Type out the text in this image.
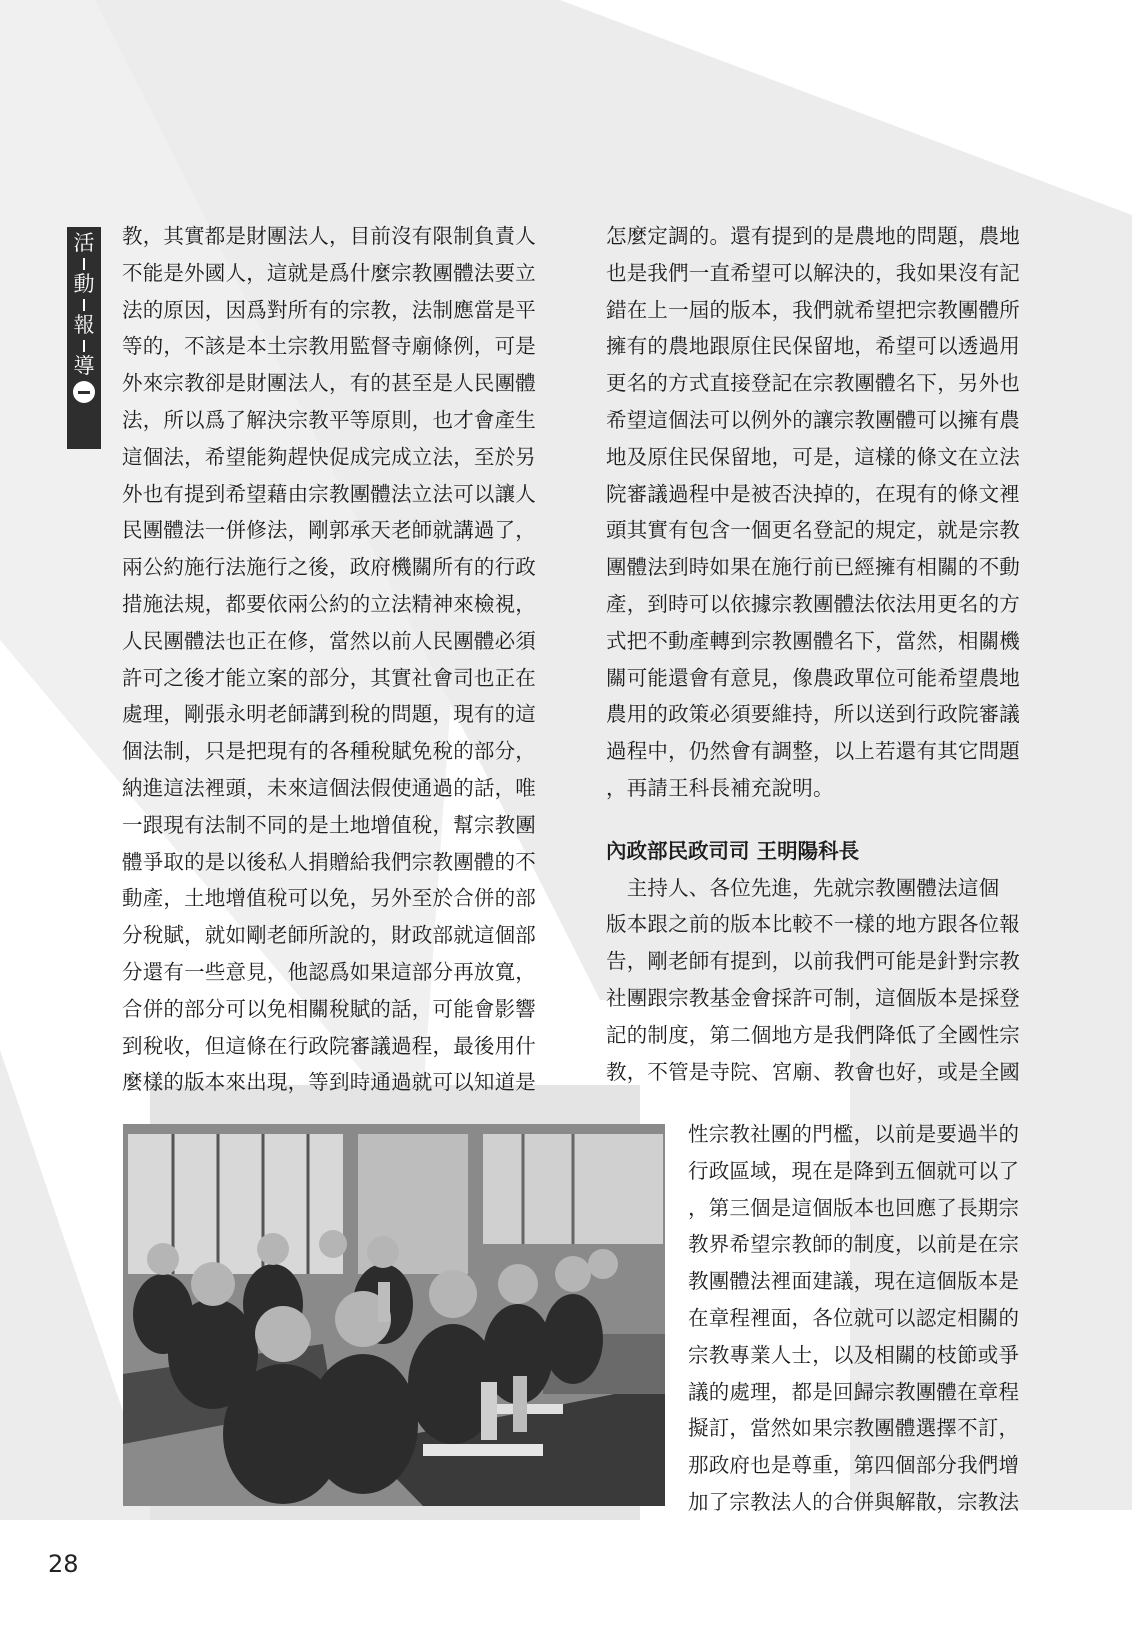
活
動
報
導
教，其實都是財團法人，目前沒有限制負責人
不能是外國人，這就是爲什麼宗教團體法要立
法的原因，因爲對所有的宗教，法制應當是平
等的，不該是本土宗教用監督寺廟條例，可是
外來宗教卻是財團法人，有的甚至是人民團體
法，所以爲了解決宗教平等原則，也才會產生
這個法，希望能夠趕快促成完成立法，至於另
外也有提到希望藉由宗教團體法立法可以讓人
民團體法一併修法，剛郭承天老師就講過了，
兩公約施行法施行之後，政府機關所有的行政
措施法規，都要依兩公約的立法精神來檢視，
人民團體法也正在修，當然以前人民團體必須
許可之後才能立案的部分，其實社會司也正在
處理，剛張永明老師講到稅的問題，現有的這
個法制，只是把現有的各種稅賦免稅的部分，
納進這法裡頭，未來這個法假使通過的話，唯
一跟現有法制不同的是土地增值稅，幫宗教團
體爭取的是以後私人捐贈給我們宗教團體的不
動產，土地增值稅可以免，另外至於合併的部
分稅賦，就如剛老師所說的，財政部就這個部
分還有一些意見，他認爲如果這部分再放寬，
合併的部分可以免相關稅賦的話，可能會影響
到稅收，但這條在行政院審議過程，最後用什
麼樣的版本來出現，等到時通過就可以知道是
怎麼定調的。還有提到的是農地的問題，農地
也是我們一直希望可以解決的，我如果沒有記
錯在上一屆的版本，我們就希望把宗教團體所
擁有的農地跟原住民保留地，希望可以透過用
更名的方式直接登記在宗教團體名下，另外也
希望這個法可以例外的讓宗教團體可以擁有農
地及原住民保留地，可是，這樣的條文在立法
院審議過程中是被否決掉的，在現有的條文裡
頭其實有包含一個更名登記的規定，就是宗教
團體法到時如果在施行前已經擁有相關的不動
產，到時可以依據宗教團體法依法用更名的方
式把不動產轉到宗教團體名下，當然，相關機
關可能還會有意見，像農政單位可能希望農地
農用的政策必須要維持，所以送到行政院審議
過程中，仍然會有調整，以上若還有其它問題
，再請王科長補充說明。
內政部民政司司 王明陽科長
　主持人、各位先進，先就宗教團體法這個
版本跟之前的版本比較不一樣的地方跟各位報
告，剛老師有提到，以前我們可能是針對宗教
社團跟宗教基金會採許可制，這個版本是採登
記的制度，第二個地方是我們降低了全國性宗
教，不管是寺院、宮廟、教會也好，或是全國
性宗教社團的門檻，以前是要過半的
行政區域，現在是降到五個就可以了
，第三個是這個版本也回應了長期宗
教界希望宗教師的制度，以前是在宗
教團體法裡面建議，現在這個版本是
在章程裡面，各位就可以認定相關的
宗教專業人士，以及相關的枝節或爭
議的處理，都是回歸宗教團體在章程
擬訂，當然如果宗教團體選擇不訂，
那政府也是尊重，第四個部分我們增
加了宗教法人的合併與解散，宗教法
28
